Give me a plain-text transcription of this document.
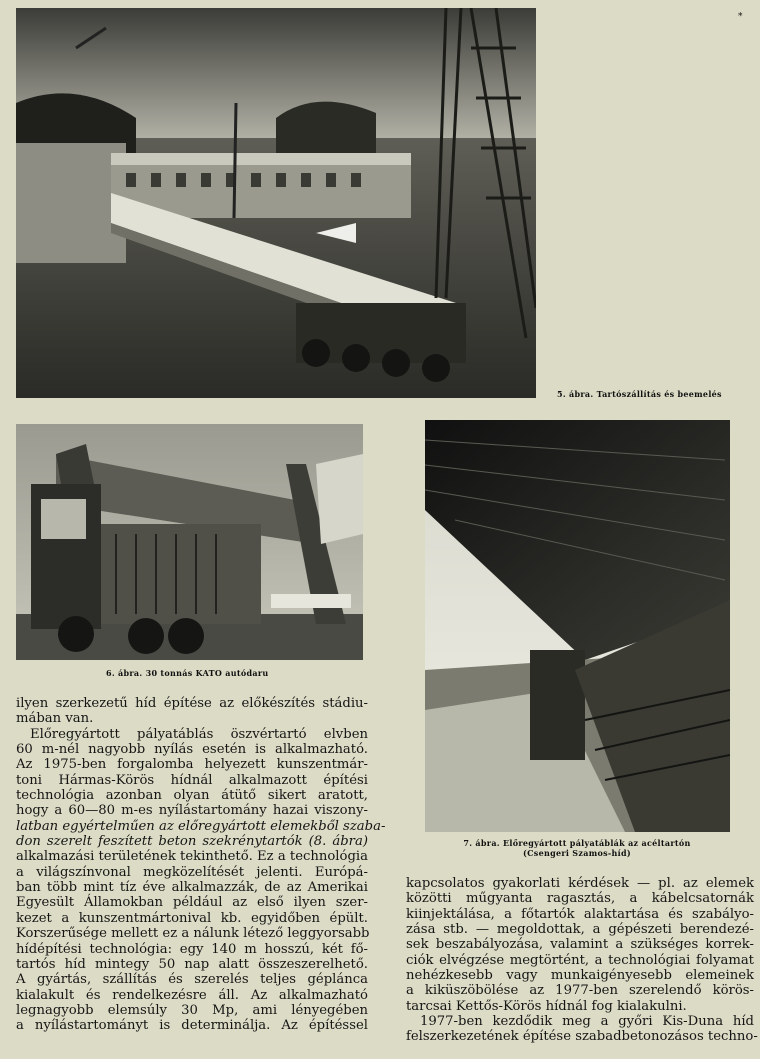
*
5. ábra. Tartószállítás és beemelés
6. ábra. 30 tonnás KATO autódaru
7. ábra. Előregyártott pályatáblák az acéltartón
(Csengeri Szamos-híd)

ilyen szerkezetű híd építése az előkészítés stádiu-
mában van.

Előregyártott pályatáblás öszvértartó elvben
60 m-nél nagyobb nyílás esetén is alkalmazható.
Az 1975-ben forgalomba helyezett kunszentmár-
toni Hármas-Körös hídnál alkalmazott építési
technológia azonban olyan átütő sikert aratott,
hogy a 60—80 m-es nyílástartomány hazai viszony-
latban egyértelműen az előregyártott elemekből szaba-
don szerelt feszített beton szekrénytartók (8. ábra)
alkalmazási területének tekinthető. Ez a technológia
a világszínvonal megközelítését jelenti. Európá-
ban több mint tíz éve alkalmazzák, de az Amerikai
Egyesült Államokban például az első ilyen szer-
kezet a kunszentmártonival kb. egyidőben épült.
Korszerűsége mellett ez a nálunk létező leggyorsabb
hídépítési technológia: egy 140 m hosszú, két fő-
tartós híd mintegy 50 nap alatt összeszerelhető.
A gyártás, szállítás és szerelés teljes géplánca
kialakult és rendelkezésre áll. Az alkalmazható
legnagyobb elemsúly 30 Mp, ami lényegében
a nyílástartományt is determinálja. Az építéssel

kapcsolatos gyakorlati kérdések — pl. az elemek
közötti műgyanta ragasztás, a kábelcsatornák
kiinjektálása, a főtartók alaktartása és szabályo-
zása stb. — megoldottak, a gépészeti berendezé-
sek beszabályozása, valamint a szükséges korrek-
ciók elvégzése megtörtént, a technológiai folyamat
nehézkesebb vagy munkaigényesebb elemeinek
a kiküszöbölése az 1977-ben szerelendő körös-
tarcsai Kettős-Körös hídnál fog kialakulni.

1977-ben kezdődik meg a győri Kis-Duna híd
felszerkezetének építése szabadbetonozásos techno-
